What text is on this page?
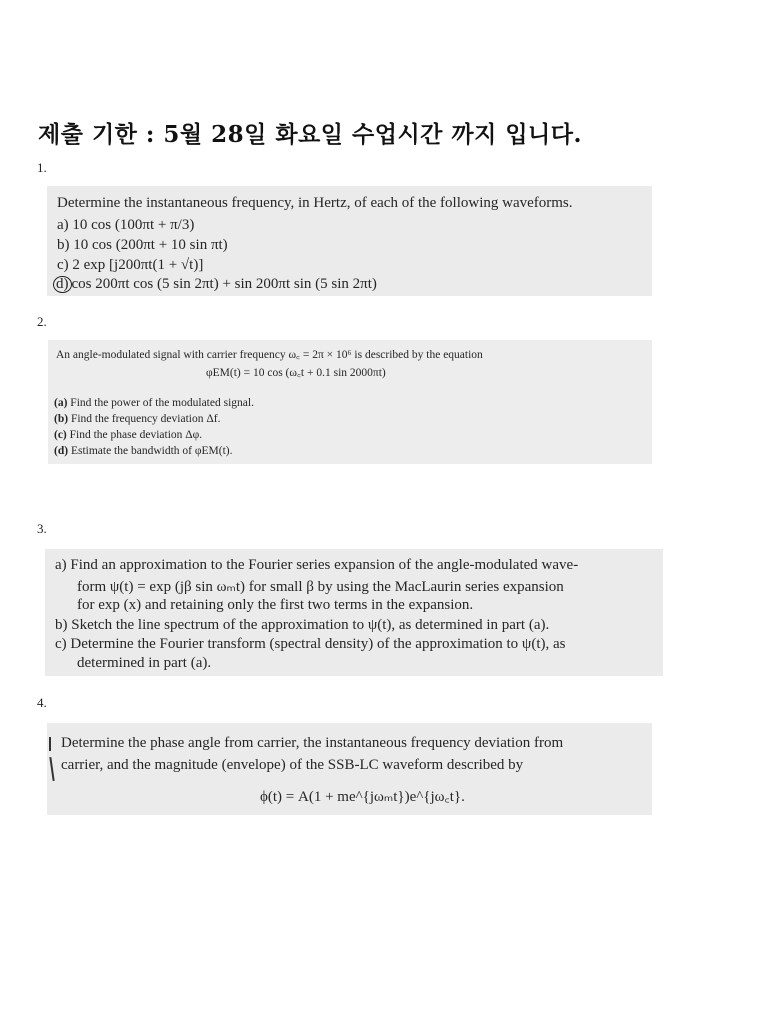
제출 기한 : 5월 28일 화요일 수업시간 까지 입니다.
1.
Determine the instantaneous frequency, in Hertz, of each of the following waveforms.
a) 10 cos (100πt + π/3)
b) 10 cos (200πt + 10 sin πt)
c) 2 exp [j200πt(1 + √t)]
d) cos 200πt cos (5 sin 2πt) + sin 200πt sin (5 sin 2πt)
2.
An angle-modulated signal with carrier frequency ω꜀ = 2π × 10⁶ is described by the equation
φEM(t) = 10 cos (ω꜀t + 0.1 sin 2000πt)
(a) Find the power of the modulated signal.
(b) Find the frequency deviation Δf.
(c) Find the phase deviation Δφ.
(d) Estimate the bandwidth of φEM(t).
3.
a) Find an approximation to the Fourier series expansion of the angle-modulated wave-
form ψ(t) = exp (jβ sin ωₘt) for small β by using the MacLaurin series expansion
for exp (x) and retaining only the first two terms in the expansion.
b) Sketch the line spectrum of the approximation to ψ(t), as determined in part (a).
c) Determine the Fourier transform (spectral density) of the approximation to ψ(t), as
determined in part (a).
4.
Determine the phase angle from carrier, the instantaneous frequency deviation from
carrier, and the magnitude (envelope) of the SSB-LC waveform described by
ϕ(t) = A(1 + me^{jωₘt})e^{jω꜀t}.
